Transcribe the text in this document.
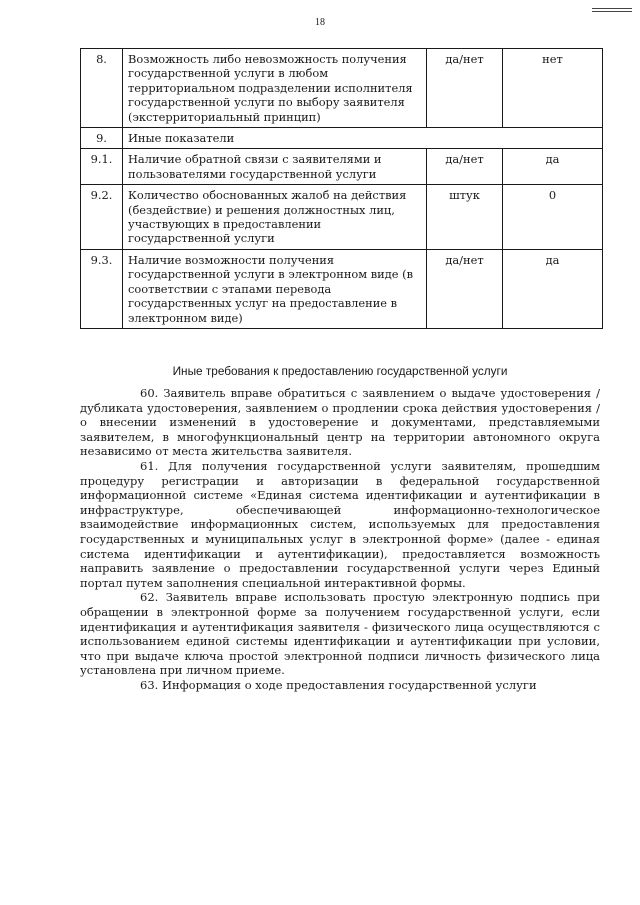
18
8.	Возможность либо невозможность получения государственной услуги в любом территориальном подразделении исполнителя государственной услуги по выбору заявителя (экстерриториальный принцип)	да/нет	нет
9.	Иные показатели		
9.1.	Наличие обратной связи с заявителями и пользователями государственной услуги	да/нет	да
9.2.	Количество обоснованных жалоб на действия (бездействие) и решения должностных лиц, участвующих в предоставлении государственной услуги	штук	0
9.3.	Наличие возможности получения государственной услуги в электронном виде (в соответствии с этапами перевода государственных услуг на предоставление в электронном виде)	да/нет	да
Иные требования к предоставлению государственной услуги

60. Заявитель вправе обратиться с заявлением о выдаче удостоверения / дубликата удостоверения, заявлением о продлении срока действия удостоверения / о внесении изменений в удостоверение и документами, представляемыми заявителем, в многофункциональный центр на территории автономного округа независимо от места жительства заявителя.

61. Для получения государственной услуги заявителям, прошедшим процедуру регистрации и авторизации в федеральной государственной информационной системе «Единая система идентификации и аутентификации в инфраструктуре, обеспечивающей информационно-технологическое взаимодействие информационных систем, используемых для предоставления государственных и муниципальных услуг в электронной форме» (далее - единая система идентификации и аутентификации), предоставляется возможность направить заявление о предоставлении государственной услуги через Единый портал путем заполнения специальной интерактивной формы.

62. Заявитель вправе использовать простую электронную подпись при обращении в электронной форме за получением государственной услуги, если идентификация и аутентификация заявителя - физического лица осуществляются с использованием единой системы идентификации и аутентификации при условии, что при выдаче ключа простой электронной подписи личность физического лица установлена при личном приеме.

63. Информация о ходе предоставления государственной услуги
